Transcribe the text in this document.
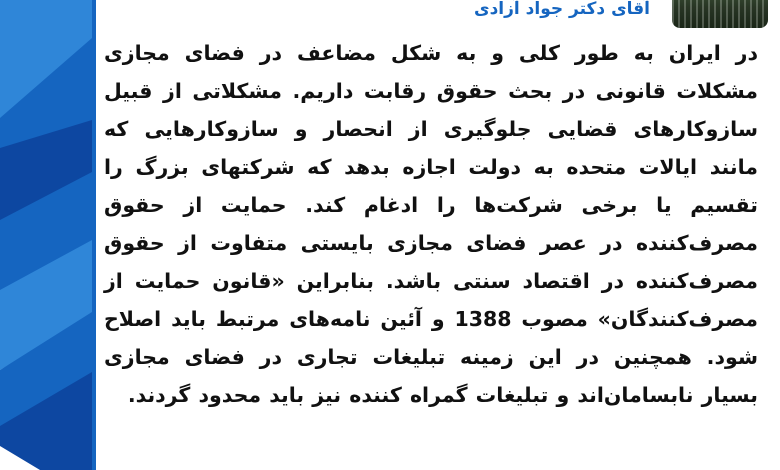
آقای دکتر جواد آزادی

در ایران به طور کلی و به شکل مضاعف در فضای مجازی مشکلات قانونی در بحث حقوق رقابت داریم. مشکلاتی از قبیل سازوکارهای قضایی جلوگیری از انحصار و سازوکارهایی که مانند ایالات متحده به دولت اجازه بدهد که شرکتهای بزرگ را تقسیم یا برخی شرکت‌ها را ادغام کند. حمایت از حقوق مصرف‌کننده در عصر فضای مجازی بایستی متفاوت از حقوق مصرف‌کننده در اقتصاد سنتی باشد. بنابراین «قانون حمایت از مصرف‌کنندگان» مصوب 1388 و آئین نامه‌های مرتبط باید اصلاح شود. همچنین در این زمینه تبلیغات تجاری در فضای مجازی بسیار نابسامان‌اند و تبلیغات گمراه کننده نیز باید محدود گردند.
